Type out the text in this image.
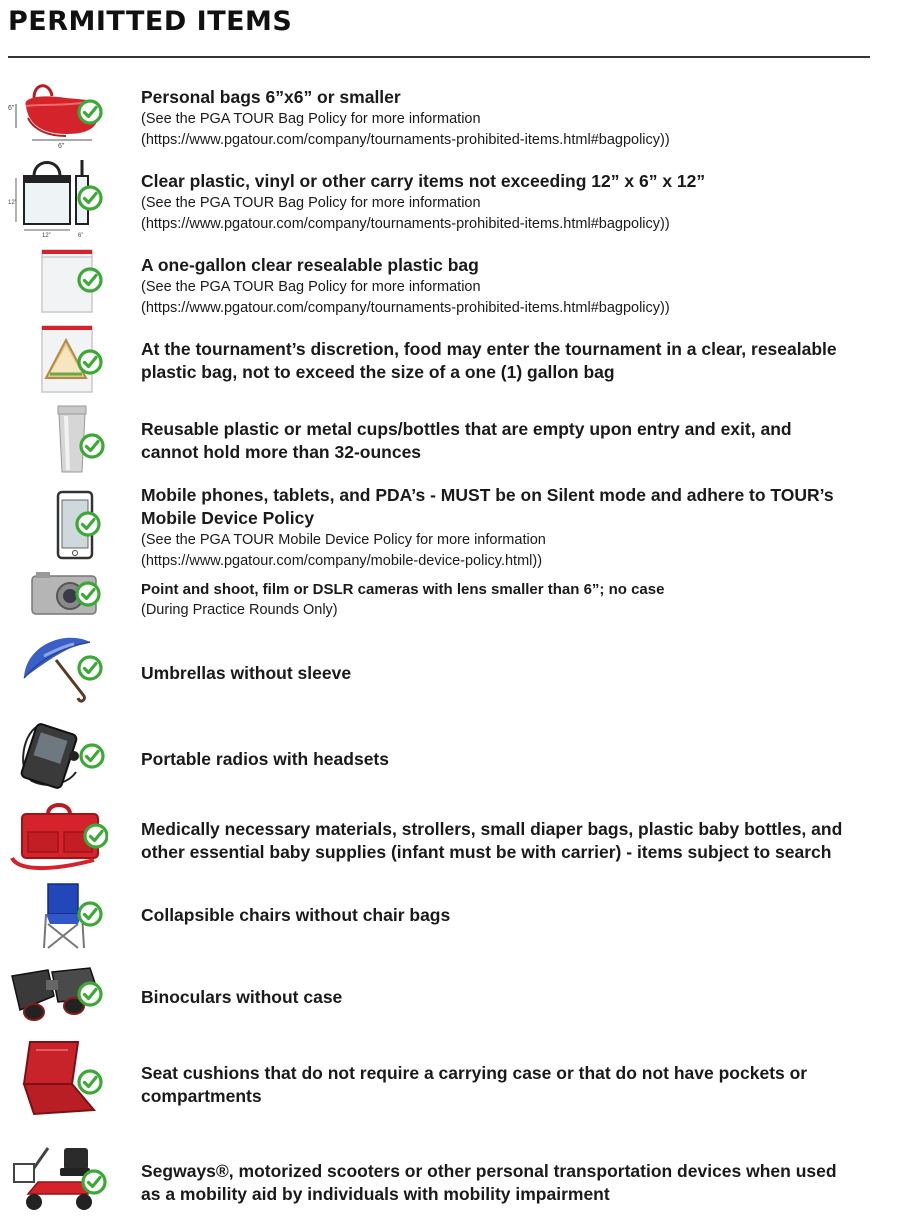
PERMITTED ITEMS
6”
6”
Personal bags 6”x6” or smaller
(See the PGA TOUR Bag Policy for more information
(https://www.pgatour.com/company/tournaments-prohibited-items.html#bagpolicy))
12”
12”	6”
Clear plastic, vinyl or other carry items not exceeding 12” x 6” x 12”
(See the PGA TOUR Bag Policy for more information
(https://www.pgatour.com/company/tournaments-prohibited-items.html#bagpolicy))
A one-gallon clear resealable plastic bag
(See the PGA TOUR Bag Policy for more information
(https://www.pgatour.com/company/tournaments-prohibited-items.html#bagpolicy))
At the tournament’s discretion, food may enter the tournament in a clear, resealable
plastic bag, not to exceed the size of a one (1) gallon bag
Reusable plastic or metal cups/bottles that are empty upon entry and exit, and
cannot hold more than 32-ounces
Mobile phones, tablets, and PDA’s - MUST be on Silent mode and adhere to TOUR’s
Mobile Device Policy
(See the PGA TOUR Mobile Device Policy for more information
(https://www.pgatour.com/company/mobile-device-policy.html))
Point and shoot, film or DSLR cameras with lens smaller than 6”; no case
(During Practice Rounds Only)
Umbrellas without sleeve
Portable radios with headsets
Medically necessary materials, strollers, small diaper bags, plastic baby bottles, and
other essential baby supplies (infant must be with carrier) - items subject to search
Collapsible chairs without chair bags
Binoculars without case
Seat cushions that do not require a carrying case or that do not have pockets or
compartments
Segways®, motorized scooters or other personal transportation devices when used
as a mobility aid by individuals with mobility impairment
